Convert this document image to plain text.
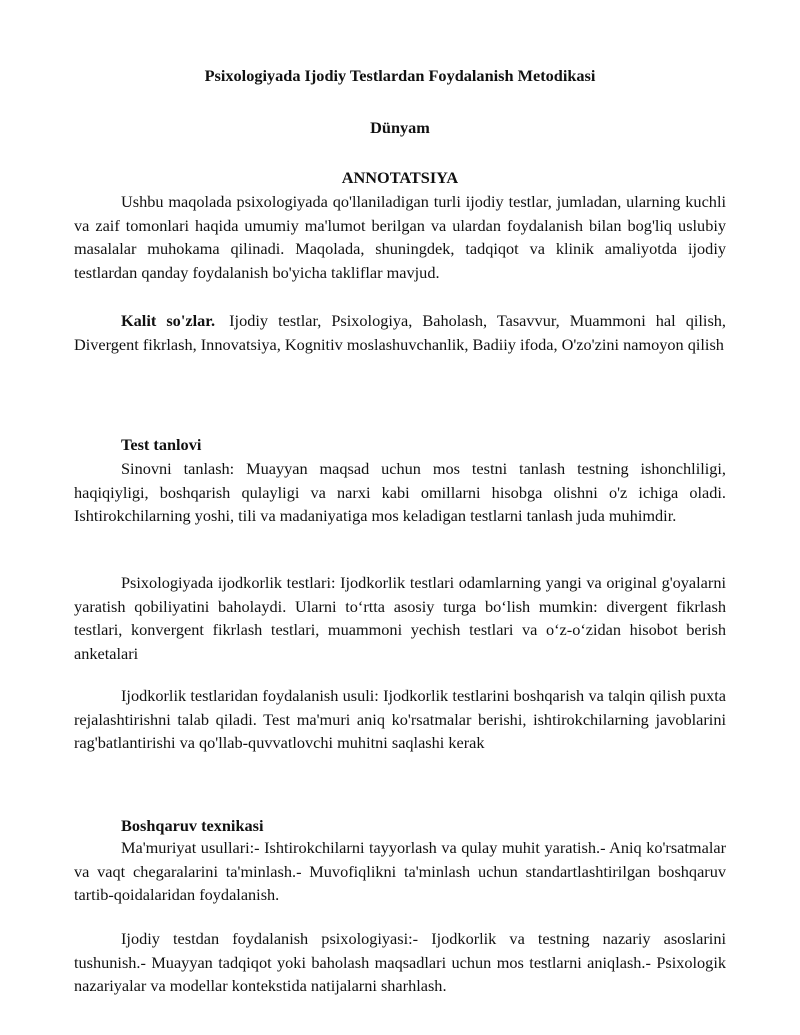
Psixologiyada Ijodiy Testlardan Foydalanish Metodikasi
Dünyam
ANNOTATSIYA

Ushbu maqolada psixologiyada qo'llaniladigan turli ijodiy testlar, jumladan, ularning kuchli va zaif tomonlari haqida umumiy ma'lumot berilgan va ulardan foydalanish bilan bog'liq uslubiy masalalar muhokama qilinadi. Maqolada, shuningdek, tadqiqot va klinik amaliyotda ijodiy testlardan qanday foydalanish bo'yicha takliflar mavjud.

Kalit so'zlar. Ijodiy testlar, Psixologiya, Baholash, Tasavvur, Muammoni hal qilish, Divergent fikrlash, Innovatsiya, Kognitiv moslashuvchanlik, Badiiy ifoda, O'zo'zini namoyon qilish

Test tanlovi

Sinovni tanlash: Muayyan maqsad uchun mos testni tanlash testning ishonchliligi, haqiqiyligi, boshqarish qulayligi va narxi kabi omillarni hisobga olishni o'z ichiga oladi. Ishtirokchilarning yoshi, tili va madaniyatiga mos keladigan testlarni tanlash juda muhimdir.

Psixologiyada ijodkorlik testlari: Ijodkorlik testlari odamlarning yangi va original g'oyalarni yaratish qobiliyatini baholaydi. Ularni to‘rtta asosiy turga bo‘lish mumkin: divergent fikrlash testlari, konvergent fikrlash testlari, muammoni yechish testlari va o‘z-o‘zidan hisobot berish anketalari

Ijodkorlik testlaridan foydalanish usuli: Ijodkorlik testlarini boshqarish va talqin qilish puxta rejalashtirishni talab qiladi. Test ma'muri aniq ko'rsatmalar berishi, ishtirokchilarning javoblarini rag'batlantirishi va qo'llab-quvvatlovchi muhitni saqlashi kerak

Boshqaruv texnikasi

Ma'muriyat usullari:- Ishtirokchilarni tayyorlash va qulay muhit yaratish.- Aniq ko'rsatmalar va vaqt chegaralarini ta'minlash.- Muvofiqlikni ta'minlash uchun standartlashtirilgan boshqaruv tartib-qoidalaridan foydalanish.

Ijodiy testdan foydalanish psixologiyasi:- Ijodkorlik va testning nazariy asoslarini tushunish.- Muayyan tadqiqot yoki baholash maqsadlari uchun mos testlarni aniqlash.- Psixologik nazariyalar va modellar kontekstida natijalarni sharhlash.
